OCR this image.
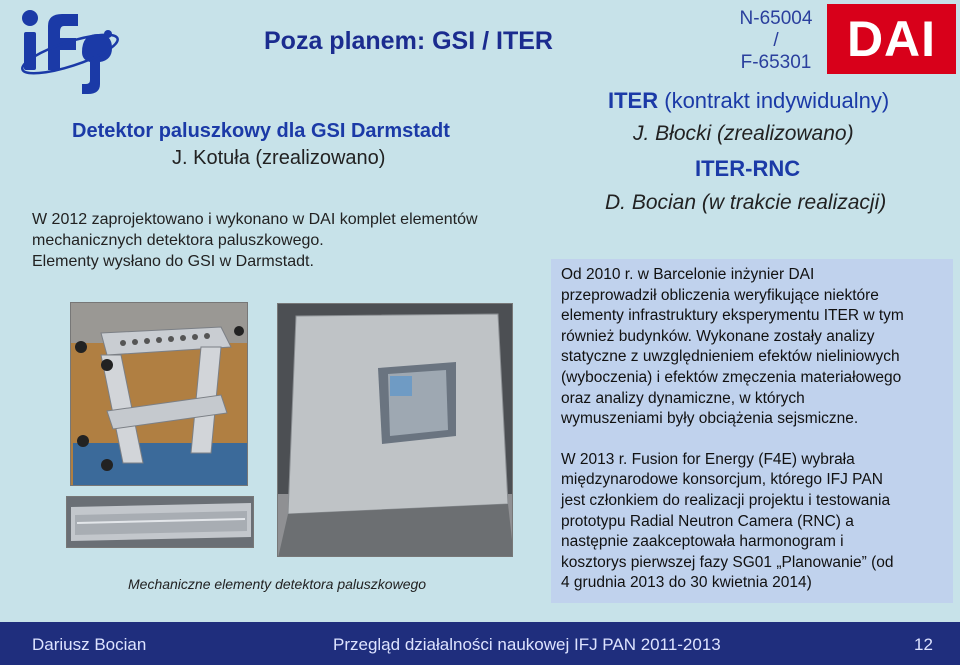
Poza planem: GSI / ITER
N-65004
/
F-65301 DAI
Detektor paluszkowy dla GSI Darmstadt
J. Kotuła (zrealizowano)
W 2012 zaprojektowano i wykonano w DAI komplet elementów
mechanicznych detektora paluszkowego.
Elementy wysłano do GSI w Darmstadt.
Mechaniczne elementy detektora paluszkowego
ITER (kontrakt indywidualny)
J. Błocki (zrealizowano)
ITER-RNC
D. Bocian (w trakcie realizacji)

Od 2010 r. w Barcelonie inżynier DAI
przeprowadził obliczenia weryfikujące niektóre
elementy infrastruktury eksperymentu ITER w tym
również budynków. Wykonane zostały analizy
statyczne z uwzględnieniem efektów nieliniowych
(wyboczenia) i efektów zmęczenia materiałowego
oraz analizy dynamiczne, w których
wymuszeniami były obciążenia sejsmiczne.

W 2013 r. Fusion for Energy (F4E) wybrała
międzynarodowe konsorcjum, którego IFJ PAN
jest członkiem do realizacji projektu i testowania
prototypu Radial Neutron Camera (RNC) a
następnie zaakceptowała harmonogram i
kosztorys pierwszej fazy SG01 „Planowanie” (od
4 grudnia 2013 do 30 kwietnia 2014)

Dariusz Bocian	Przegląd działalności naukowej IFJ PAN 2011-2013	12
